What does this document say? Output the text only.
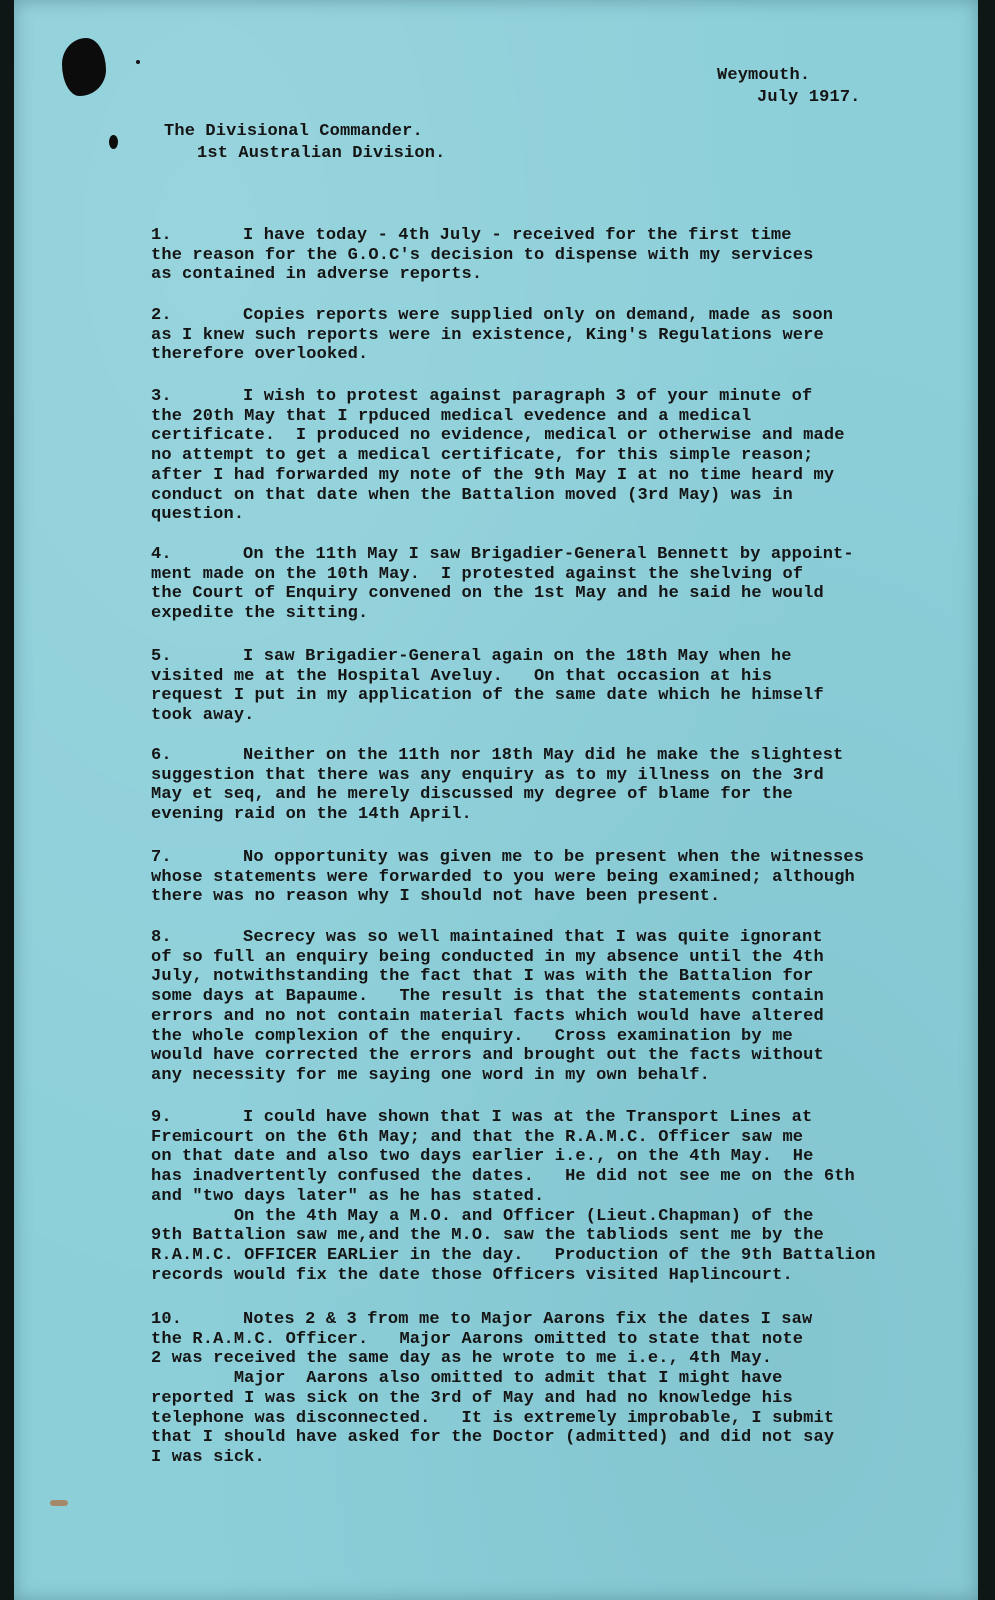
Weymouth.
July 1917.
The Divisional Commander.
1st Australian Division.
1.	I have today - 4th July - received for the first time
the reason for the G.O.C's decision to dispense with my services
as contained in adverse reports.
2.	Copies reports were supplied only on demand, made as soon
as I knew such reports were in existence, King's Regulations were
therefore overlooked.
3.	I wish to protest against paragraph 3 of your minute of
the 20th May that I rpduced medical evedence and a medical
certificate.  I produced no evidence, medical or otherwise and made
no attempt to get a medical certificate, for this simple reason;
after I had forwarded my note of the 9th May I at no time heard my
conduct on that date when the Battalion moved (3rd May) was in
question.
4.	On the 11th May I saw Brigadier-General Bennett by appoint-
ment made on the 10th May.  I protested against the shelving of
the Court of Enquiry convened on the 1st May and he said he would
expedite the sitting.
5.	I saw Brigadier-General again on the 18th May when he
visited me at the Hospital Aveluy.   On that occasion at his
request I put in my application of the same date which he himself
took away.
6.	Neither on the 11th nor 18th May did he make the slightest
suggestion that there was any enquiry as to my illness on the 3rd
May et seq, and he merely discussed my degree of blame for the
evening raid on the 14th April.
7.	No opportunity was given me to be present when the witnesses
whose statements were forwarded to you were being examined; although
there was no reason why I should not have been present.
8.	Secrecy was so well maintained that I was quite ignorant
of so full an enquiry being conducted in my absence until the 4th
July, notwithstanding the fact that I was with the Battalion for
some days at Bapaume.   The result is that the statements contain
errors and no not contain material facts which would have altered
the whole complexion of the enquiry.   Cross examination by me
would have corrected the errors and brought out the facts without
any necessity for me saying one word in my own behalf.
9.	I could have shown that I was at the Transport Lines at
Fremicourt on the 6th May; and that the R.A.M.C. Officer saw me
on that date and also two days earlier i.e., on the 4th May.  He
has inadvertently confused the dates.   He did not see me on the 6th
and "two days later" as he has stated.
On the 4th May a M.O. and Officer (Lieut.Chapman) of the
9th Battalion saw me,and the M.O. saw the tabliods sent me by the
R.A.M.C. OFFICER EARLier in the day.   Production of the 9th Battalion
records would fix the date those Officers visited Haplincourt.
10.	Notes 2 & 3 from me to Major Aarons fix the dates I saw
the R.A.M.C. Officer.   Major Aarons omitted to state that note
2 was received the same day as he wrote to me i.e., 4th May.
Major  Aarons also omitted to admit that I might have
reported I was sick on the 3rd of May and had no knowledge his
telephone was disconnected.   It is extremely improbable, I submit
that I should have asked for the Doctor (admitted) and did not say
I was sick.
